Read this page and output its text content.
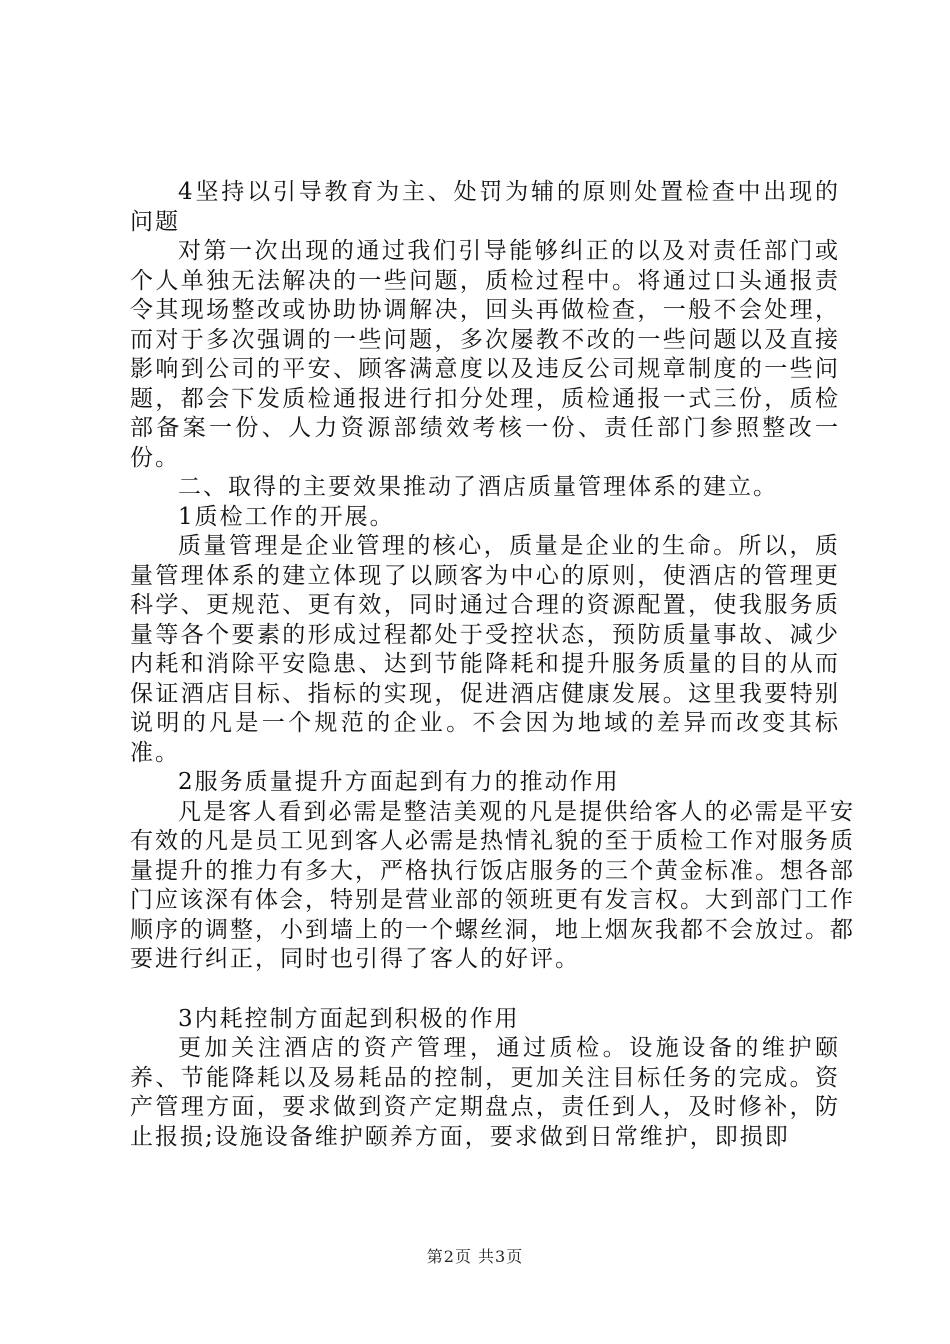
4坚持以引导教育为主、处罚为辅的原则处置检查中出现的问题

对第一次出现的通过我们引导能够纠正的以及对责任部门或个人单独无法解决的一些问题，质检过程中。将通过口头通报责令其现场整改或协助协调解决，回头再做检查，一般不会处理，而对于多次强调的一些问题，多次屡教不改的一些问题以及直接影响到公司的平安、顾客满意度以及违反公司规章制度的一些问题，都会下发质检通报进行扣分处理，质检通报一式三份，质检部备案一份、人力资源部绩效考核一份、责任部门参照整改一份。

二、取得的主要效果推动了酒店质量管理体系的建立。

1质检工作的开展。

质量管理是企业管理的核心，质量是企业的生命。所以，质量管理体系的建立体现了以顾客为中心的原则，使酒店的管理更科学、更规范、更有效，同时通过合理的资源配置，使我服务质量等各个要素的形成过程都处于受控状态，预防质量事故、减少内耗和消除平安隐患、达到节能降耗和提升服务质量的目的从而保证酒店目标、指标的实现，促进酒店健康发展。这里我要特别说明的凡是一个规范的企业。不会因为地域的差异而改变其标准。

2服务质量提升方面起到有力的推动作用

凡是客人看到必需是整洁美观的凡是提供给客人的必需是平安有效的凡是员工见到客人必需是热情礼貌的至于质检工作对服务质量提升的推力有多大，严格执行饭店服务的三个黄金标准。想各部门应该深有体会，特别是营业部的领班更有发言权。大到部门工作顺序的调整，小到墙上的一个螺丝洞，地上烟灰我都不会放过。都要进行纠正，同时也引得了客人的好评。

3内耗控制方面起到积极的作用

更加关注酒店的资产管理，通过质检。设施设备的维护颐养、节能降耗以及易耗品的控制，更加关注目标任务的完成。资产管理方面，要求做到资产定期盘点，责任到人，及时修补，防止报损;设施设备维护颐养方面，要求做到日常维护，即损即

第2页 共3页
